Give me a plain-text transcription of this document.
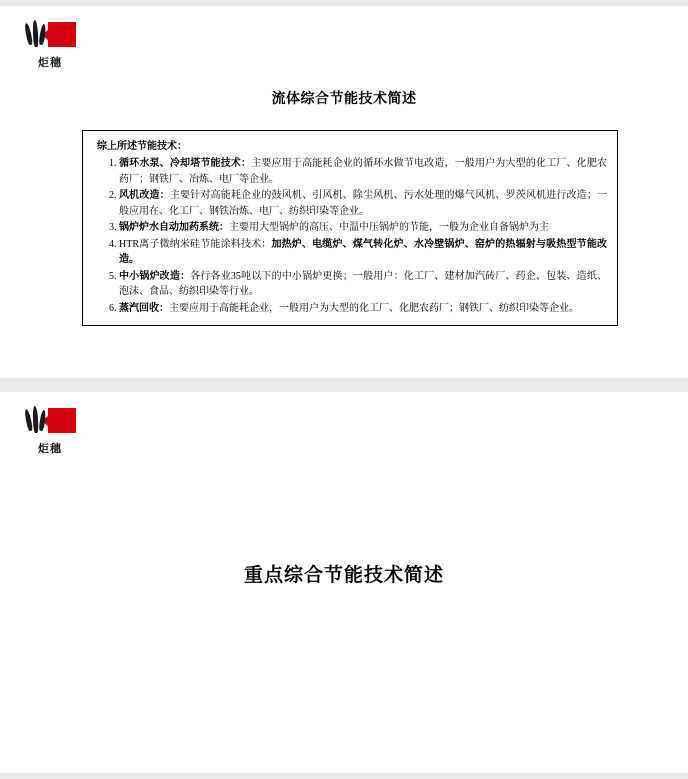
炬穗
流体综合节能技术简述
综上所述节能技术：
1. 循环水泵、冷却塔节能技术：主要应用于高能耗企业的循环水做节电改造，一般用户为大型的化工厂、化肥农药厂；钢铁厂、冶炼、电厂等企业。
2. 风机改造：主要针对高能耗企业的鼓风机、引风机、除尘风机、污水处理的爆气风机、罗茨风机进行改造；一般应用在、化工厂、钢铁冶炼、电厂、纺织印染等企业。
3. 锅炉炉水自动加药系统：主要用大型锅炉的高压、中温中压锅炉的节能，一般为企业自备锅炉为主
4. HTR离子微纳米硅节能涂料技术：加热炉、电缆炉、煤气转化炉、水冷壁锅炉、窑炉的热辐射与吸热型节能改造。
5. 中小锅炉改造：各行各业35吨以下的中小锅炉更换；一般用户：化工厂、建材加汽砖厂、药企、包装、造纸、泡沫、食品、纺织印染等行业。
6. 蒸汽回收：主要应用于高能耗企业，一般用户为大型的化工厂、化肥农药厂；钢铁厂、纺织印染等企业。
炬穗
重点综合节能技术简述
